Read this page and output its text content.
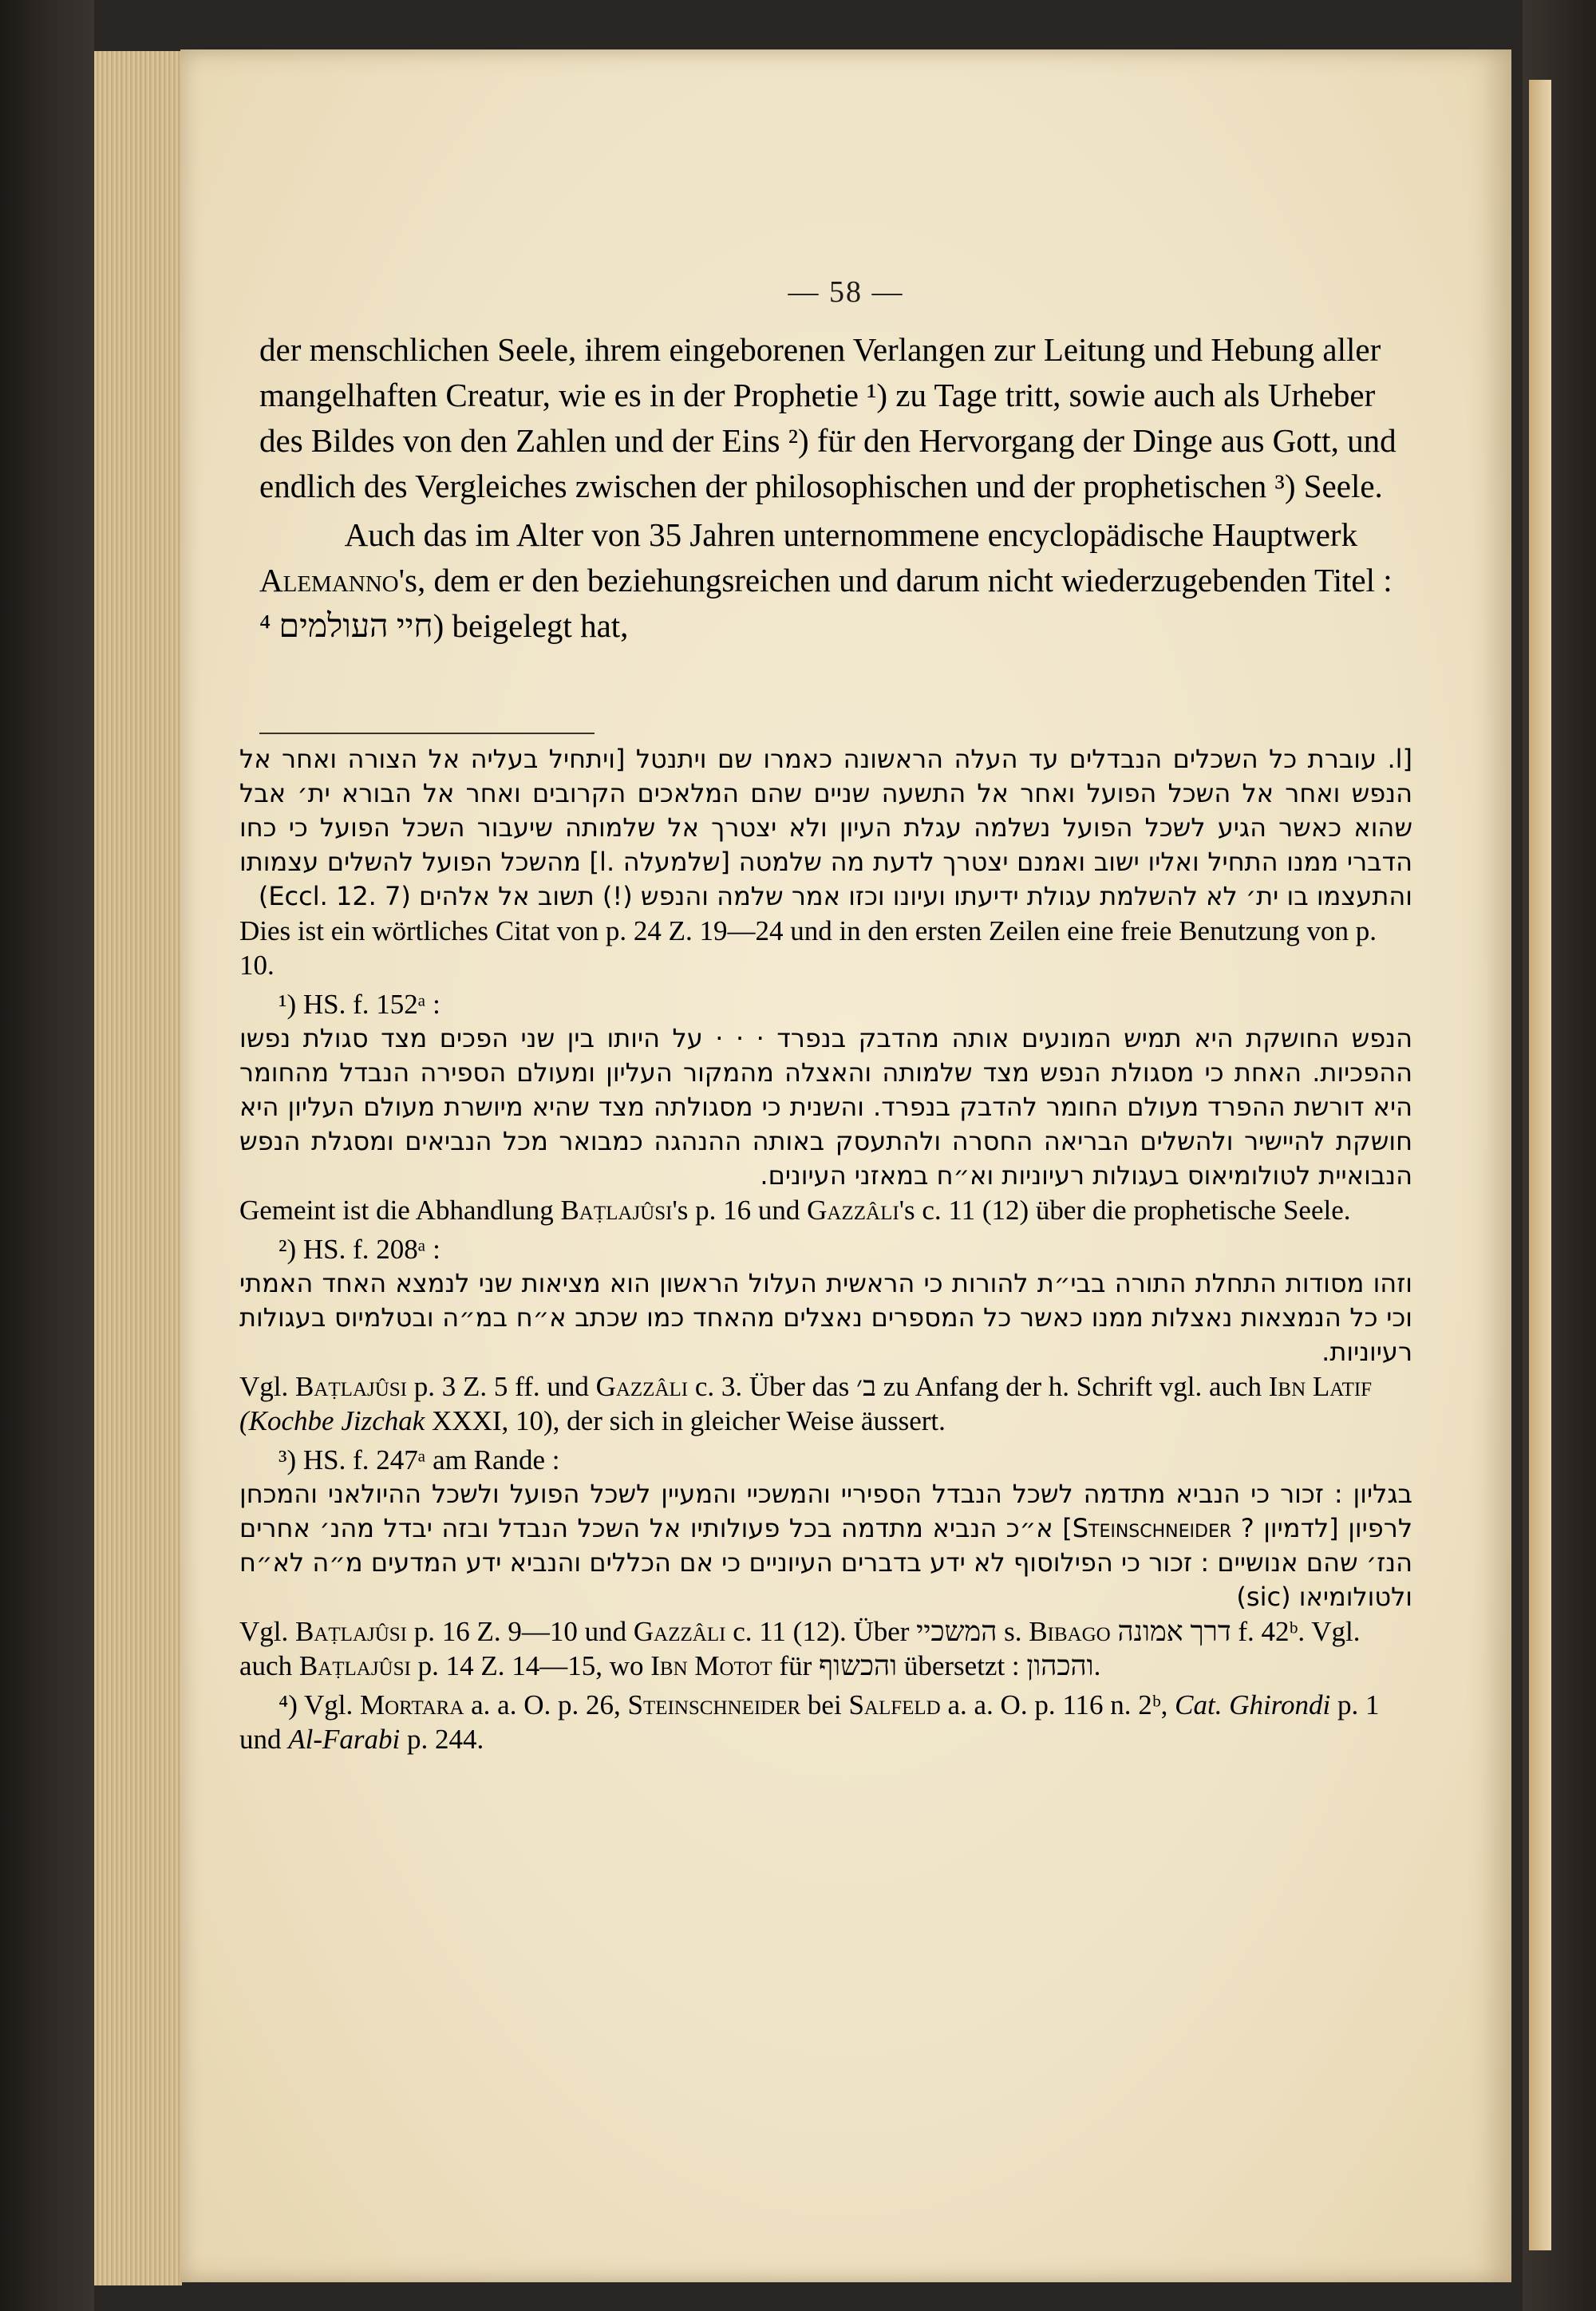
— 58 —

der menschlichen Seele, ihrem eingeborenen Verlangen zur Leitung und Hebung aller mangelhaften Creatur, wie es in der Prophetie ¹) zu Tage tritt, sowie auch als Urheber des Bildes von den Zahlen und der Eins ²) für den Hervorgang der Dinge aus Gott, und endlich des Vergleiches zwischen der philosophischen und der prophetischen ³) Seele.

Auch das im Alter von 35 Jahren unternommene encyclopädische Hauptwerk Alemanno's, dem er den beziehungsreichen und darum nicht wiederzugebenden Titel : חיי העולמים ⁴) beigelegt hat,

[l. עוברת כל השכלים הנבדלים עד העלה הראשונה כאמרו שם ויתנטל [ויתחיל בעליה אל הצורה ואחר אל הנפש ואחר אל השכל הפועל ואחר אל התשעה שניים שהם המלאכים הקרובים ואחר אל הבורא ית׳ אבל שהוא כאשר הגיע לשכל הפועל נשלמה עגלת העיון ולא יצטרך אל שלמותה שיעבור השכל הפועל כי כחו הדברי ממנו התחיל ואליו ישוב ואמנם יצטרך לדעת מה שלמטה [שלמעלה .l] מהשכל הפועל להשלים עצמותו והתעצמו בו ית׳ לא להשלמת עגולת ידיעתו ועיונו וכזו אמר שלמה והנפש (!) תשוב אל אלהים (Eccl. 12. 7)

Dies ist ein wörtliches Citat von p. 24 Z. 19—24 und in den ersten Zeilen eine freie Benutzung von p. 10.

¹) HS. f. 152ᵃ :

הנפש החושקת היא תמיש המונעים אותה מהדבק בנפרד · · · על היותו בין שני הפכים מצד סגולת נפשו ההפכיות. האחת כי מסגולת הנפש מצד שלמותה והאצלה מהמקור העליון ומעולם הספירה הנבדל מהחומר היא דורשת ההפרד מעולם החומר להדבק בנפרד. והשנית כי מסגולתה מצד שהיא מיושרת מעולם העליון היא חושקת להיישיר ולהשלים הבריאה החסרה ולהתעסק באותה ההנהגה כמבואר מכל הנביאים ומסגלת הנפש הנבואיית לטולומיאוס בעגולות רעיוניות וא״ח במאזני העיונים.

Gemeint ist die Abhandlung Baṭlajûsi's p. 16 und Gazzâli's c. 11 (12) über die prophetische Seele.

²) HS. f. 208ᵃ :

וזהו מסודות התחלת התורה בבי״ת להורות כי הראשית העלול הראשון הוא מציאות שני לנמצא האחד האמתי וכי כל הנמצאות נאצלות ממנו כאשר כל המספרים נאצלים מהאחד כמו שכתב א״ח במ״ה ובטלמיוס בעגולות רעיוניות.

Vgl. Baṭlajûsi p. 3 Z. 5 ff. und Gazzâli c. 3. Über das ב׳ zu Anfang der h. Schrift vgl. auch Ibn Latif (Kochbe Jizchak XXXI, 10), der sich in gleicher Weise äussert.

³) HS. f. 247ᵃ am Rande :

בגליון : זכור כי הנביא מתדמה לשכל הנבדל הספיריי והמשכיי והמעיין לשכל הפועל ולשכל ההיולאני והמכחן לרפיון [לדמיון ? Steinschneider] א״כ הנביא מתדמה בכל פעולותיו אל השכל הנבדל ובזה יבדל מהנ׳ אחרים הנז׳ שהם אנושיים : זכור כי הפילוסוף לא ידע בדברים העיוניים כי אם הכללים והנביא ידע המדעים מ״ה לא״ח ולטולומיאו (sic)

Vgl. Baṭlajûsi p. 16 Z. 9—10 und Gazzâli c. 11 (12). Über המשכיי s. Bibago דרך אמונה f. 42ᵇ. Vgl. auch Baṭlajûsi p. 14 Z. 14—15, wo Ibn Motot für והכשוף übersetzt : והכהון.

⁴) Vgl. Mortara a. a. O. p. 26, Steinschneider bei Salfeld a. a. O. p. 116 n. 2ᵇ, Cat. Ghirondi p. 1 und Al-Farabi p. 244.
